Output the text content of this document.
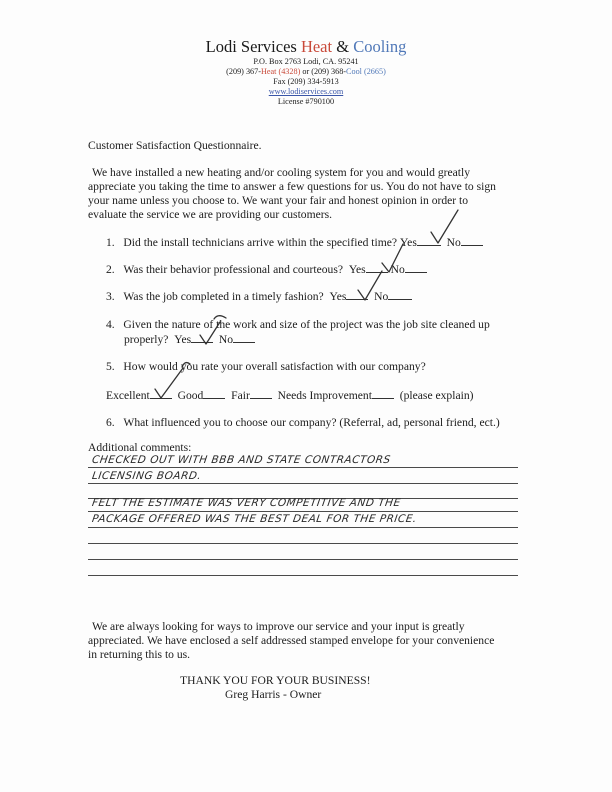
Lodi Services Heat & Cooling
P.O. Box 2763 Lodi, CA. 95241
(209) 367-Heat (4328) or (209) 368-Cool (2665)
Fax (209) 334-5913
www.lodiservices.com
License #790100
Customer Satisfaction Questionnaire.
We have installed a new heating and/or cooling system for you and would greatly
appreciate you taking the time to answer a few questions for us. You do not have to sign
your name unless you choose to. We want your fair and honest opinion in order to
evaluate the service we are providing our customers.
1. Did the install technicians arrive within the specified time? Yes	No
2. Was their behavior professional and courteous? Yes No
3. Was the job completed in a timely fashion? Yes No
4. Given the nature of the work and size of the project was the job site cleaned up
properly? Yes No
5. How would you rate your overall satisfaction with our company?
Excellent Good Fair Needs Improvement (please explain)
6. What influenced you to choose our company? (Referral, ad, personal friend, ect.)
Additional comments:
CHECKED OUT WITH BBB AND STATE CONTRACTORS
LICENSING BOARD.
FELT THE ESTIMATE WAS VERY COMPETITIVE AND THE
PACKAGE OFFERED WAS THE BEST DEAL FOR THE PRICE.
We are always looking for ways to improve our service and your input is greatly
appreciated. We have enclosed a self addressed stamped envelope for your convenience
in returning this to us.
THANK YOU FOR YOUR BUSINESS!
Greg Harris - Owner
